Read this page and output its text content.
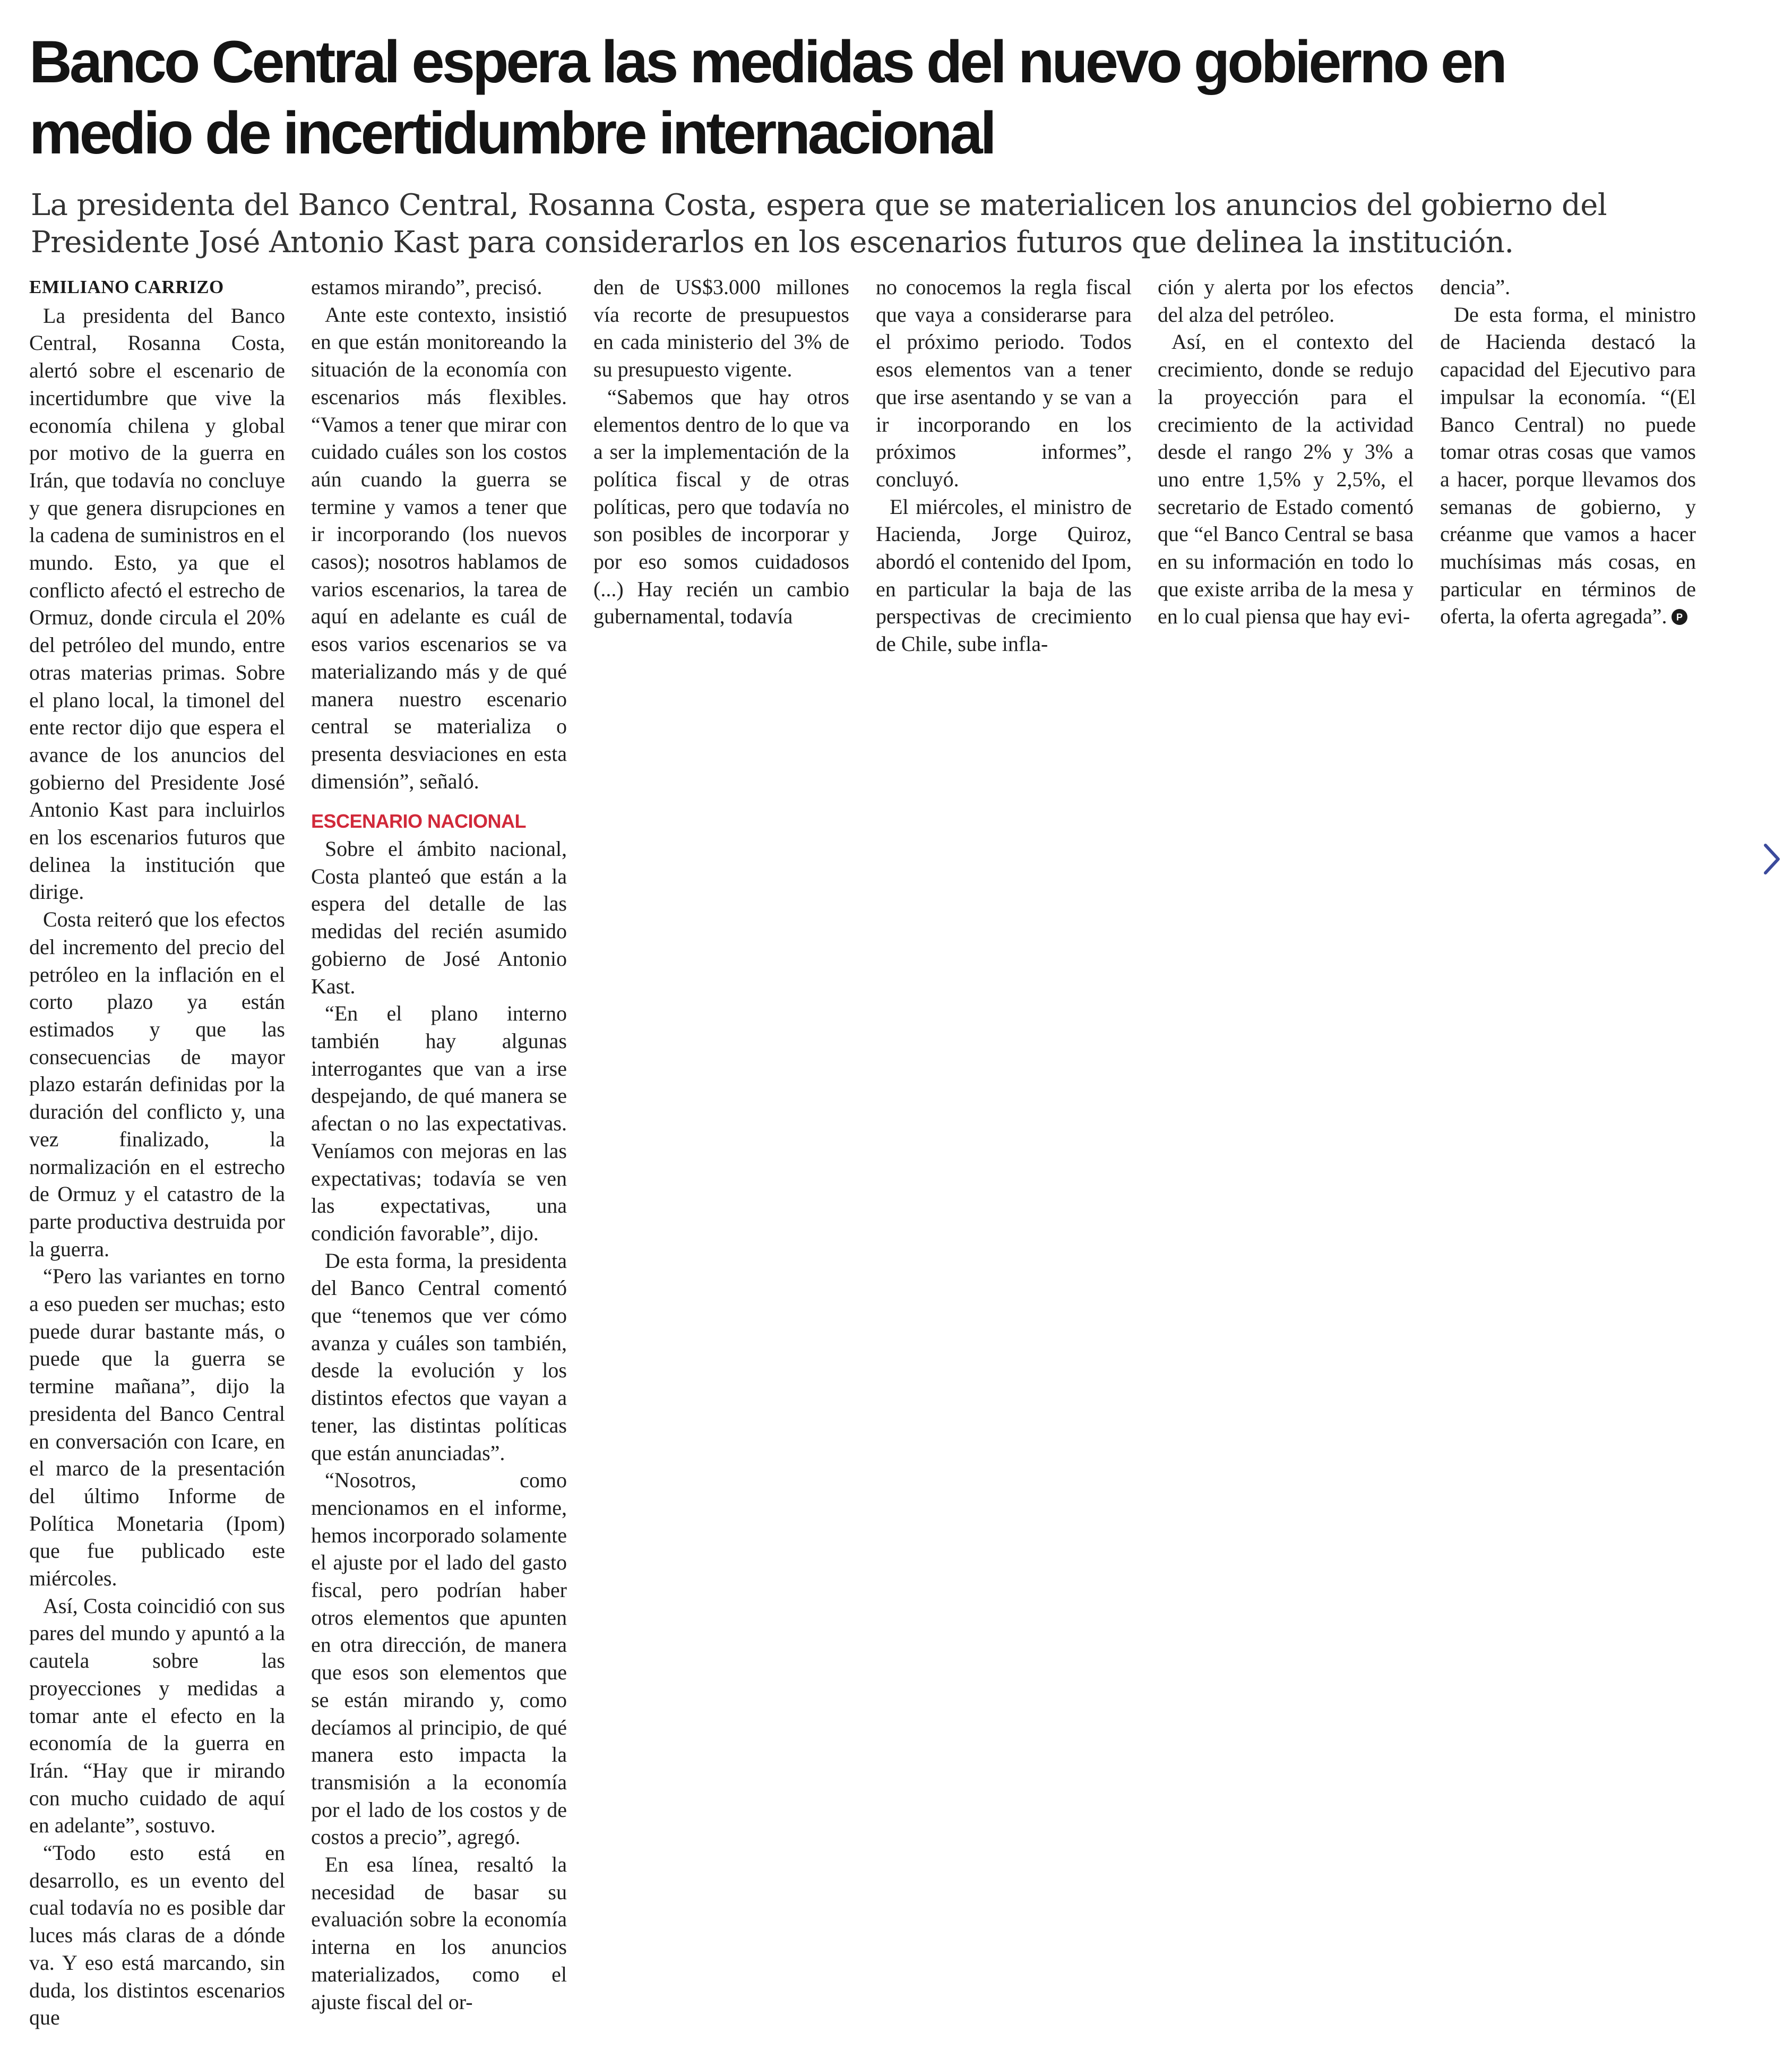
Banco Central espera las medidas del nuevo gobierno en medio de incertidumbre internacional

La presidenta del Banco Central, Rosanna Costa, espera que se materialicen los anuncios del gobierno del Presidente José Antonio Kast para considerarlos en los escenarios futuros que delinea la institución.

EMILIANO CARRIZO

La presidenta del Banco Central, Rosanna Costa, alertó sobre el escenario de incertidumbre que vive la economía chilena y global por motivo de la guerra en Irán, que todavía no concluye y que genera disrupciones en la cadena de suministros en el mundo. Esto, ya que el conflicto afectó el estrecho de Ormuz, donde circula el 20% del petróleo del mundo, entre otras materias primas. Sobre el plano local, la timonel del ente rector dijo que espera el avance de los anuncios del gobierno del Presidente José Antonio Kast para incluirlos en los escenarios futuros que delinea la institución que dirige.

Costa reiteró que los efectos del incremento del precio del petróleo en la inflación en el corto plazo ya están estimados y que las consecuencias de mayor plazo estarán definidas por la duración del conflicto y, una vez finalizado, la normalización en el estrecho de Ormuz y el catastro de la parte productiva destruida por la guerra.

“Pero las variantes en torno a eso pueden ser muchas; esto puede durar bastante más, o puede que la guerra se termine mañana”, dijo la presidenta del Banco Central en conversación con Icare, en el marco de la presentación del último Informe de Política Monetaria (Ipom) que fue publicado este miércoles.

Así, Costa coincidió con sus pares del mundo y apuntó a la cautela sobre las proyecciones y medidas a tomar ante el efecto en la economía de la guerra en Irán. “Hay que ir mirando con mucho cuidado de aquí en adelante”, sostuvo.

“Todo esto está en desarrollo, es un evento del cual todavía no es posible dar luces más claras de a dónde va. Y eso está marcando, sin duda, los distintos escenarios que

estamos mirando”, precisó.

Ante este contexto, insistió en que están monitoreando la situación de la economía con escenarios más flexibles. “Vamos a tener que mirar con cuidado cuáles son los costos aún cuando la guerra se termine y vamos a tener que ir incorporando (los nuevos casos); nosotros hablamos de varios escenarios, la tarea de aquí en adelante es cuál de esos varios escenarios se va materializando más y de qué manera nuestro escenario central se materializa o presenta desviaciones en esta dimensión”, señaló.

ESCENARIO NACIONAL

Sobre el ámbito nacional, Costa planteó que están a la espera del detalle de las medidas del recién asumido gobierno de José Antonio Kast.

“En el plano interno también hay algunas interrogantes que van a irse despejando, de qué manera se afectan o no las expectativas. Veníamos con mejoras en las expectativas; todavía se ven las expectativas, una condición favorable”, dijo.

De esta forma, la presidenta del Banco Central comentó que “tenemos que ver cómo avanza y cuáles son también, desde la evolución y los distintos efectos que vayan a tener, las distintas políticas que están anunciadas”.

“Nosotros, como mencionamos en el informe, hemos incorporado solamente el ajuste por el lado del gasto fiscal, pero podrían haber otros elementos que apunten en otra dirección, de manera que esos son elementos que se están mirando y, como decíamos al principio, de qué manera esto impacta la transmisión a la economía por el lado de los costos y de costos a precio”, agregó.

En esa línea, resaltó la necesidad de basar su evaluación sobre la economía interna en los anuncios materializados, como el ajuste fiscal del or-

den de US$3.000 millones vía recorte de presupuestos en cada ministerio del 3% de su presupuesto vigente.

“Sabemos que hay otros elementos dentro de lo que va a ser la implementación de la política fiscal y de otras políticas, pero que todavía no son posibles de incorporar y por eso somos cuidadosos (...) Hay recién un cambio gubernamental, todavía

no conocemos la regla fiscal que vaya a considerarse para el próximo periodo. Todos esos elementos van a tener que irse asentando y se van a ir incorporando en los próximos informes”, concluyó.

El miércoles, el ministro de Hacienda, Jorge Quiroz, abordó el contenido del Ipom, en particular la baja de las perspectivas de crecimiento de Chile, sube infla-

ción y alerta por los efectos del alza del petróleo.

Así, en el contexto del crecimiento, donde se redujo la proyección para el crecimiento de la actividad desde el rango 2% y 3% a uno entre 1,5% y 2,5%, el secretario de Estado comentó que “el Banco Central se basa en su información en todo lo que existe arriba de la mesa y en lo cual piensa que hay evi-

dencia”.

De esta forma, el ministro de Hacienda destacó la capacidad del Ejecutivo para impulsar la economía. “(El Banco Central) no puede tomar otras cosas que vamos a hacer, porque llevamos dos semanas de gobierno, y créanme que vamos a hacer muchísimas más cosas, en particular en términos de oferta, la oferta agregada”. P
